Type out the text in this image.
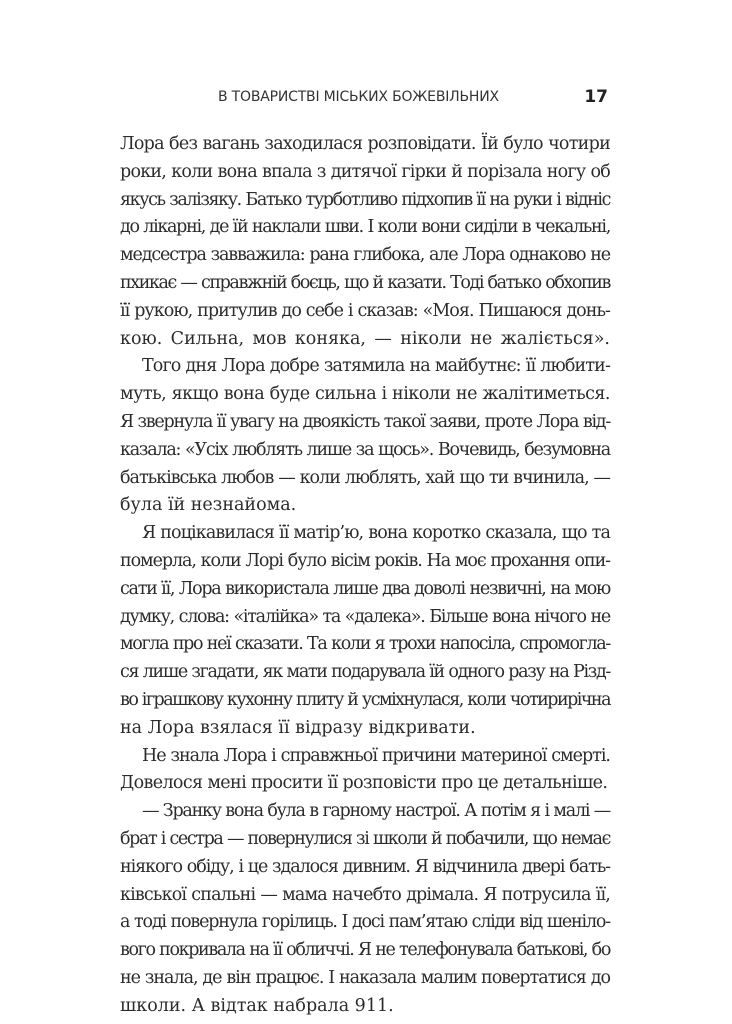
В ТОВАРИСТВІ МІСЬКИХ БОЖЕВІЛЬНИХ	17

Лора без вагань заходилася розповідати. Їй було чотири
роки, коли вона впала з дитячої гірки й порізала ногу об
якусь залізяку. Батько турботливо підхопив її на руки і відніс
до лікарні, де їй наклали шви. І коли вони сиділи в чекальні,
медсестра завважила: рана глибока, але Лора однаково не
пхикає — справжній боєць, що й казати. Тоді батько обхопив
її рукою, притулив до себе і сказав: «Моя. Пишаюся донь-
кою. Сильна, мов коняка, — ніколи не жаліється».

Того дня Лора добре затямила на майбутнє: її любити-
муть, якщо вона буде сильна і ніколи не жалітиметься.
Я звернула її увагу на двоякість такої заяви, проте Лора від-
казала: «Усіх люблять лише за щось». Вочевидь, безумовна
батьківська любов — коли люблять, хай що ти вчинила, —
була їй незнайома.

Я поцікавилася її матір’ю, вона коротко сказала, що та
померла, коли Лорі було вісім років. На моє прохання опи-
сати її, Лора використала лише два доволі незвичні, на мою
думку, слова: «італійка» та «далека». Більше вона нічого не
могла про неї сказати. Та коли я трохи напосіла, спромогла-
ся лише згадати, як мати подарувала їй одного разу на Різд-
во іграшкову кухонну плиту й усміхнулася, коли чотирирічна
на Лора взялася її відразу відкривати.

Не знала Лора і справжньої причини материної смерті.
Довелося мені просити її розповісти про це детальніше.

— Зранку вона була в гарному настрої. А потім я і малі —
брат і сестра — повернулися зі школи й побачили, що немає
ніякого обіду, і це здалося дивним. Я відчинила двері бать-
ківської спальні — мама начебто дрімала. Я потрусила її,
а тоді повернула горілиць. І досі пам’ятаю сліди від шеніло-
вого покривала на її обличчі. Я не телефонувала батькові, бо
не знала, де він працює. І наказала малим повертатися до
школи. А відтак набрала 911.
